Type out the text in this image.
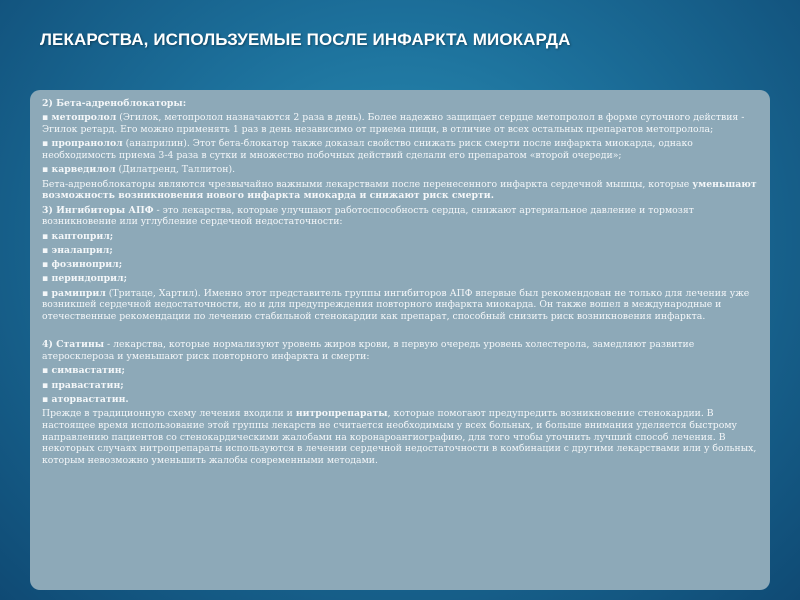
ЛЕКАРСТВА, ИСПОЛЬЗУЕМЫЕ ПОСЛЕ ИНФАРКТА МИОКАРДА
2) Бета-адреноблокаторы:
▪ метопролол (Эгилок, метопролол назначаются 2 раза в день). Более надежно защищает сердце метопролол в форме суточного действия - Эгилок ретард. Его можно применять 1 раз в день независимо от приема пищи, в отличие от всех остальных препаратов метопролола;
▪ пропранолол (анаприлин). Этот бета-блокатор также доказал свойство снижать риск смерти после инфаркта миокарда, однако необходимость приема 3-4 раза в сутки и множество побочных действий сделали его препаратом «второй очереди»;
▪ карведилол (Дилатренд, Таллитон).
Бета-адреноблокаторы являются чрезвычайно важными лекарствами после перенесенного инфаркта сердечной мышцы, которые уменьшают возможность возникновения нового инфаркта миокарда и снижают риск смерти.
3) Ингибиторы АПФ - это лекарства, которые улучшают работоспособность сердца, снижают артериальное давление и тормозят возникновение или углубление сердечной недостаточности:
▪ каптоприл;
▪ эналаприл;
▪ фозиноприл;
▪ периндоприл;
▪ рамиприл (Тритаце, Хартил). Именно этот представитель группы ингибиторов АПФ впервые был рекомендован не только для лечения уже возникшей сердечной недостаточности, но и для предупреждения повторного инфаркта миокарда. Он также вошел в международные и отечественные рекомендации по лечению стабильной стенокардии как препарат, способный снизить риск возникновения инфаркта.
4) Статины - лекарства, которые нормализуют уровень жиров крови, в первую очередь уровень холестерола, замедляют развитие атеросклероза и уменьшают риск повторного инфаркта и смерти:
▪ симвастатин;
▪ правастатин;
▪ аторвастатин.
Прежде в традиционную схему лечения входили и нитропрепараты, которые помогают предупредить возникновение стенокардии. В настоящее время использование этой группы лекарств не считается необходимым у всех больных, и больше внимания уделяется быстрому направлению пациентов со стенокардическими жалобами на коронароангиографию, для того чтобы уточнить лучший способ лечения. В некоторых случаях нитропрепараты используются в лечении сердечной недостаточности в комбинации с другими лекарствами или у больных, которым невозможно уменьшить жалобы современными методами.
